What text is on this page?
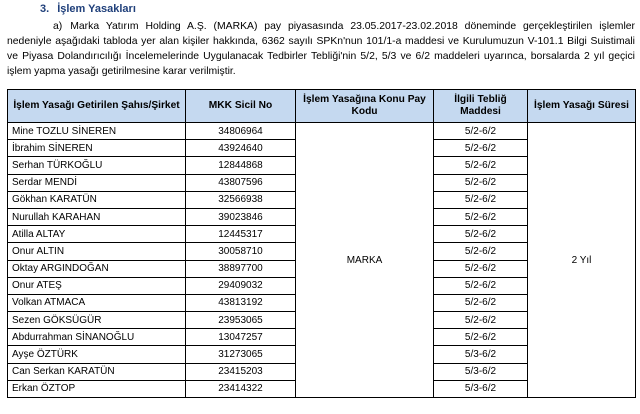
3. İşlem Yasakları
a) Marka Yatırım Holding A.Ş. (MARKA) pay piyasasında 23.05.2017-23.02.2018 döneminde gerçekleştirilen işlemler nedeniyle aşağıdaki tabloda yer alan kişiler hakkında, 6362 sayılı SPKn'nun 101/1-a maddesi ve Kurulumuzun V-101.1 Bilgi Suistimali ve Piyasa Dolandırıcılığı İncelemelerinde Uygulanacak Tedbirler Tebliği'nin 5/2, 5/3 ve 6/2 maddeleri uyarınca, borsalarda 2 yıl geçici işlem yapma yasağı getirilmesine karar verilmiştir.
İşlem Yasağı Getirilen Şahıs/Şirket	MKK Sicil No	İşlem Yasağına Konu Pay Kodu	İlgili Tebliğ Maddesi	İşlem Yasağı Süresi
Mine TOZLU SİNEREN	34806964	MARKA	5/2-6/2	2 Yıl
İbrahim SİNEREN	43924640		5/2-6/2	
Serhan TÜRKOĞLU	12844868		5/2-6/2	
Serdar MENDİ	43807596		5/2-6/2	
Gökhan KARATÜN	32566938		5/2-6/2	
Nurullah KARAHAN	39023846		5/2-6/2	
Atilla ALTAY	12445317		5/2-6/2	
Onur ALTIN	30058710		5/2-6/2	
Oktay ARGINDOĞAN	38897700		5/2-6/2	
Onur ATEŞ	29409032		5/2-6/2	
Volkan ATMACA	43813192		5/2-6/2	
Sezen GÖKSÜGÜR	23953065		5/2-6/2	
Abdurrahman SİNANOĞLU	13047257		5/2-6/2	
Ayşe ÖZTÜRK	31273065		5/3-6/2	
Can Serkan KARATÜN	23415203		5/3-6/2	
Erkan ÖZTOP	23414322		5/3-6/2	
